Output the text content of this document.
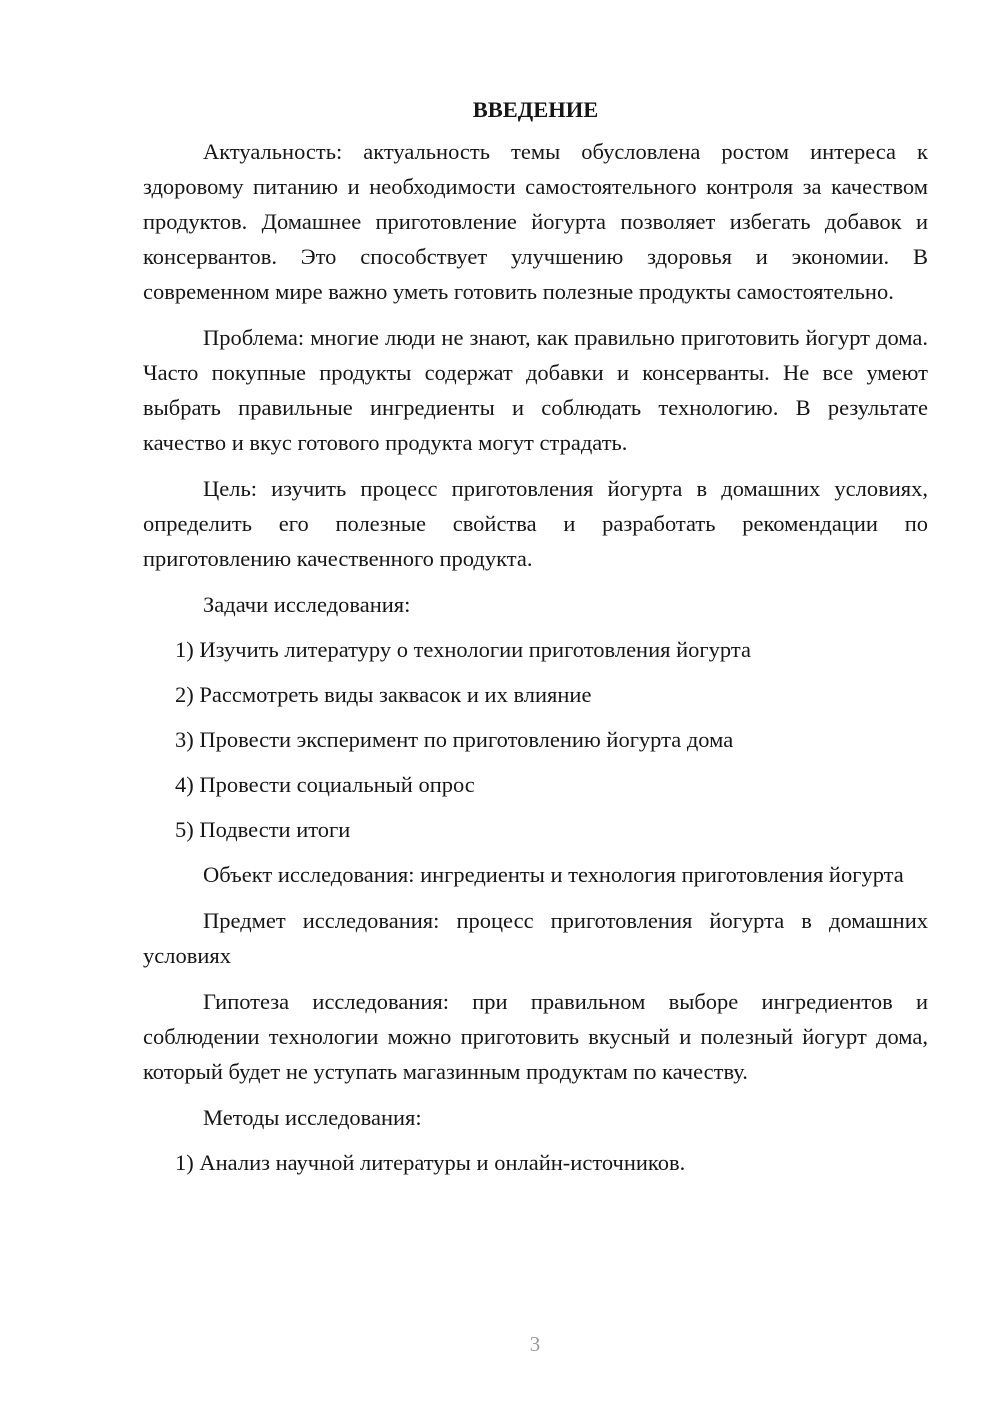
ВВЕДЕНИЕ

Актуальность: актуальность темы обусловлена ростом интереса к здоровому питанию и необходимости самостоятельного контроля за качеством продуктов. Домашнее приготовление йогурта позволяет избегать добавок и консервантов. Это способствует улучшению здоровья и экономии. В современном мире важно уметь готовить полезные продукты самостоятельно.

Проблема: многие люди не знают, как правильно приготовить йогурт дома. Часто покупные продукты содержат добавки и консерванты. Не все умеют выбрать правильные ингредиенты и соблюдать технологию. В результате качество и вкус готового продукта могут страдать.

Цель: изучить процесс приготовления йогурта в домашних условиях, определить его полезные свойства и разработать рекомендации по приготовлению качественного продукта.

Задачи исследования:

1) Изучить литературу о технологии приготовления йогурта
2) Рассмотреть виды заквасок и их влияние
3) Провести эксперимент по приготовлению йогурта дома
4) Провести социальный опрос
5) Подвести итоги

Объект исследования: ингредиенты и технология приготовления йогурта

Предмет исследования: процесс приготовления йогурта в домашних условиях

Гипотеза исследования: при правильном выборе ингредиентов и соблюдении технологии можно приготовить вкусный и полезный йогурт дома, который будет не уступать магазинным продуктам по качеству.

Методы исследования:

1) Анализ научной литературы и онлайн-источников.
3
